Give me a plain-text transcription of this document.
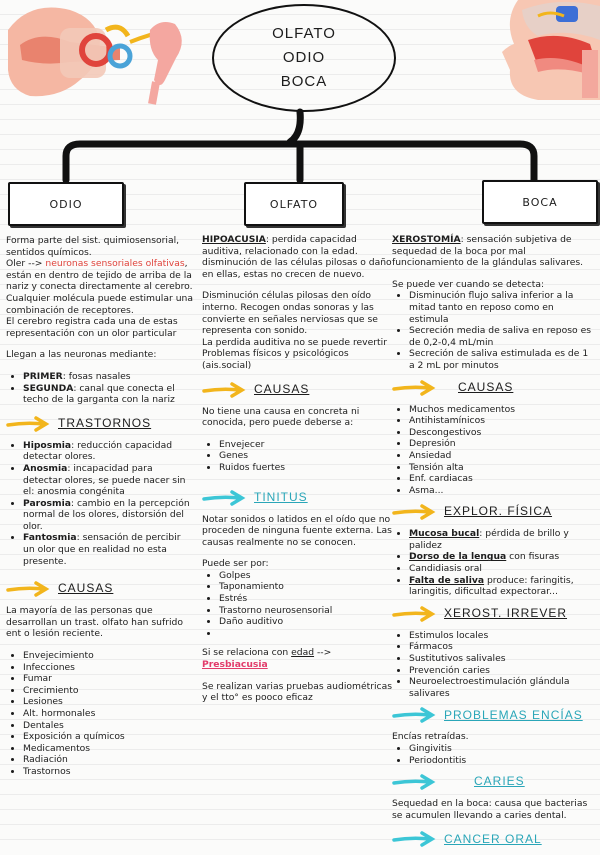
OLFATO
ODIO
BOCA
ODIO	OLFATO	BOCA

Forma parte del sist. quimiosensorial, sentidos químicos.

Oler --> neuronas sensoriales olfativas, están en dentro de tejido de arriba de la nariz y conecta directamente al cerebro.

Cualquier molécula puede estimular una combinación de receptores.

El cerebro registra cada una de estas representación con un olor particular

Llegan a las neuronas mediante:

• PRIMER: fosas nasales
• SEGUNDA: canal que conecta el techo de la garganta con la nariz
TRASTORNOS
• Hiposmia: reducción capacidad detectar olores.
• Anosmia: incapacidad para detectar olores, se puede nacer sin el: anosmia congénita
• Parosmia: cambio en la percepción normal de los olores, distorsión del olor.
• Fantosmia: sensación de percibir un olor que en realidad no esta presente.
CAUSAS

La mayoría de las personas que desarrollan un trast. olfato han sufrido ent o lesión reciente.

• Envejecimiento
• Infecciones
• Fumar
• Crecimiento
• Lesiones
• Alt. hormonales
• Dentales
• Exposición a químicos
• Medicamentos
• Radiación
• Trastornos

HIPOACUSIA: perdida capacidad auditiva, relacionado con la edad. disminución de las células pilosas o daño en ellas, estas no crecen de nuevo.

Disminución células pilosas den oído interno. Recogen ondas sonoras y las convierte en señales nerviosas que se representa con sonido.

La perdida auditiva no se puede revertir

Problemas físicos y psicológicos (ais.social)

CAUSAS

No tiene una causa en concreta ni conocida, pero puede deberse a:

• Envejecer
• Genes
• Ruidos fuertes
TINITUS

Notar sonidos o latidos en el oído que no proceden de ninguna fuente externa. Las causas realmente no se conocen.

Puede ser por:

• Golpes
• Taponamiento
• Estrés
• Trastorno neurosensorial
• Daño auditivo
•

Si se relaciona con edad --> Presbiacusia

Se realizan varias pruebas audiométricas y el tto° es pooco eficaz

XEROSTOMÍA: sensación subjetiva de sequedad de la boca por mal funcionamiento de la glándulas salivares.

Se puede ver cuando se detecta:

• Disminución flujo saliva inferior a la mitad tanto en reposo como en estimula
• Secreción media de saliva en reposo es de 0,2-0,4 mL/min
• Secreción de saliva estimulada es de 1 a 2 mL por minutos
CAUSAS
• Muchos medicamentos
• Antihistamínicos
• Descongestivos
• Depresión
• Ansiedad
• Tensión alta
• Enf. cardiacas
• Asma...
EXPLOR. FÍSICA
• Mucosa bucal: pérdida de brillo y palidez
• Dorso de la lengua con fisuras
• Candidiasis oral
• Falta de saliva produce: faringitis, laringitis, dificultad expectorar...
XEROST. IRREVER
• Estimulos locales
• Fármacos
• Sustitutivos salivales
• Prevención caries
• Neuroelectroestimulación glándula salivares
PROBLEMAS ENCÍAS

Encías retraídas.

• Gingivitis
• Periodontitis
CARIES

Sequedad en la boca: causa que bacterias se acumulen llevando a caries dental.

CANCER ORAL
